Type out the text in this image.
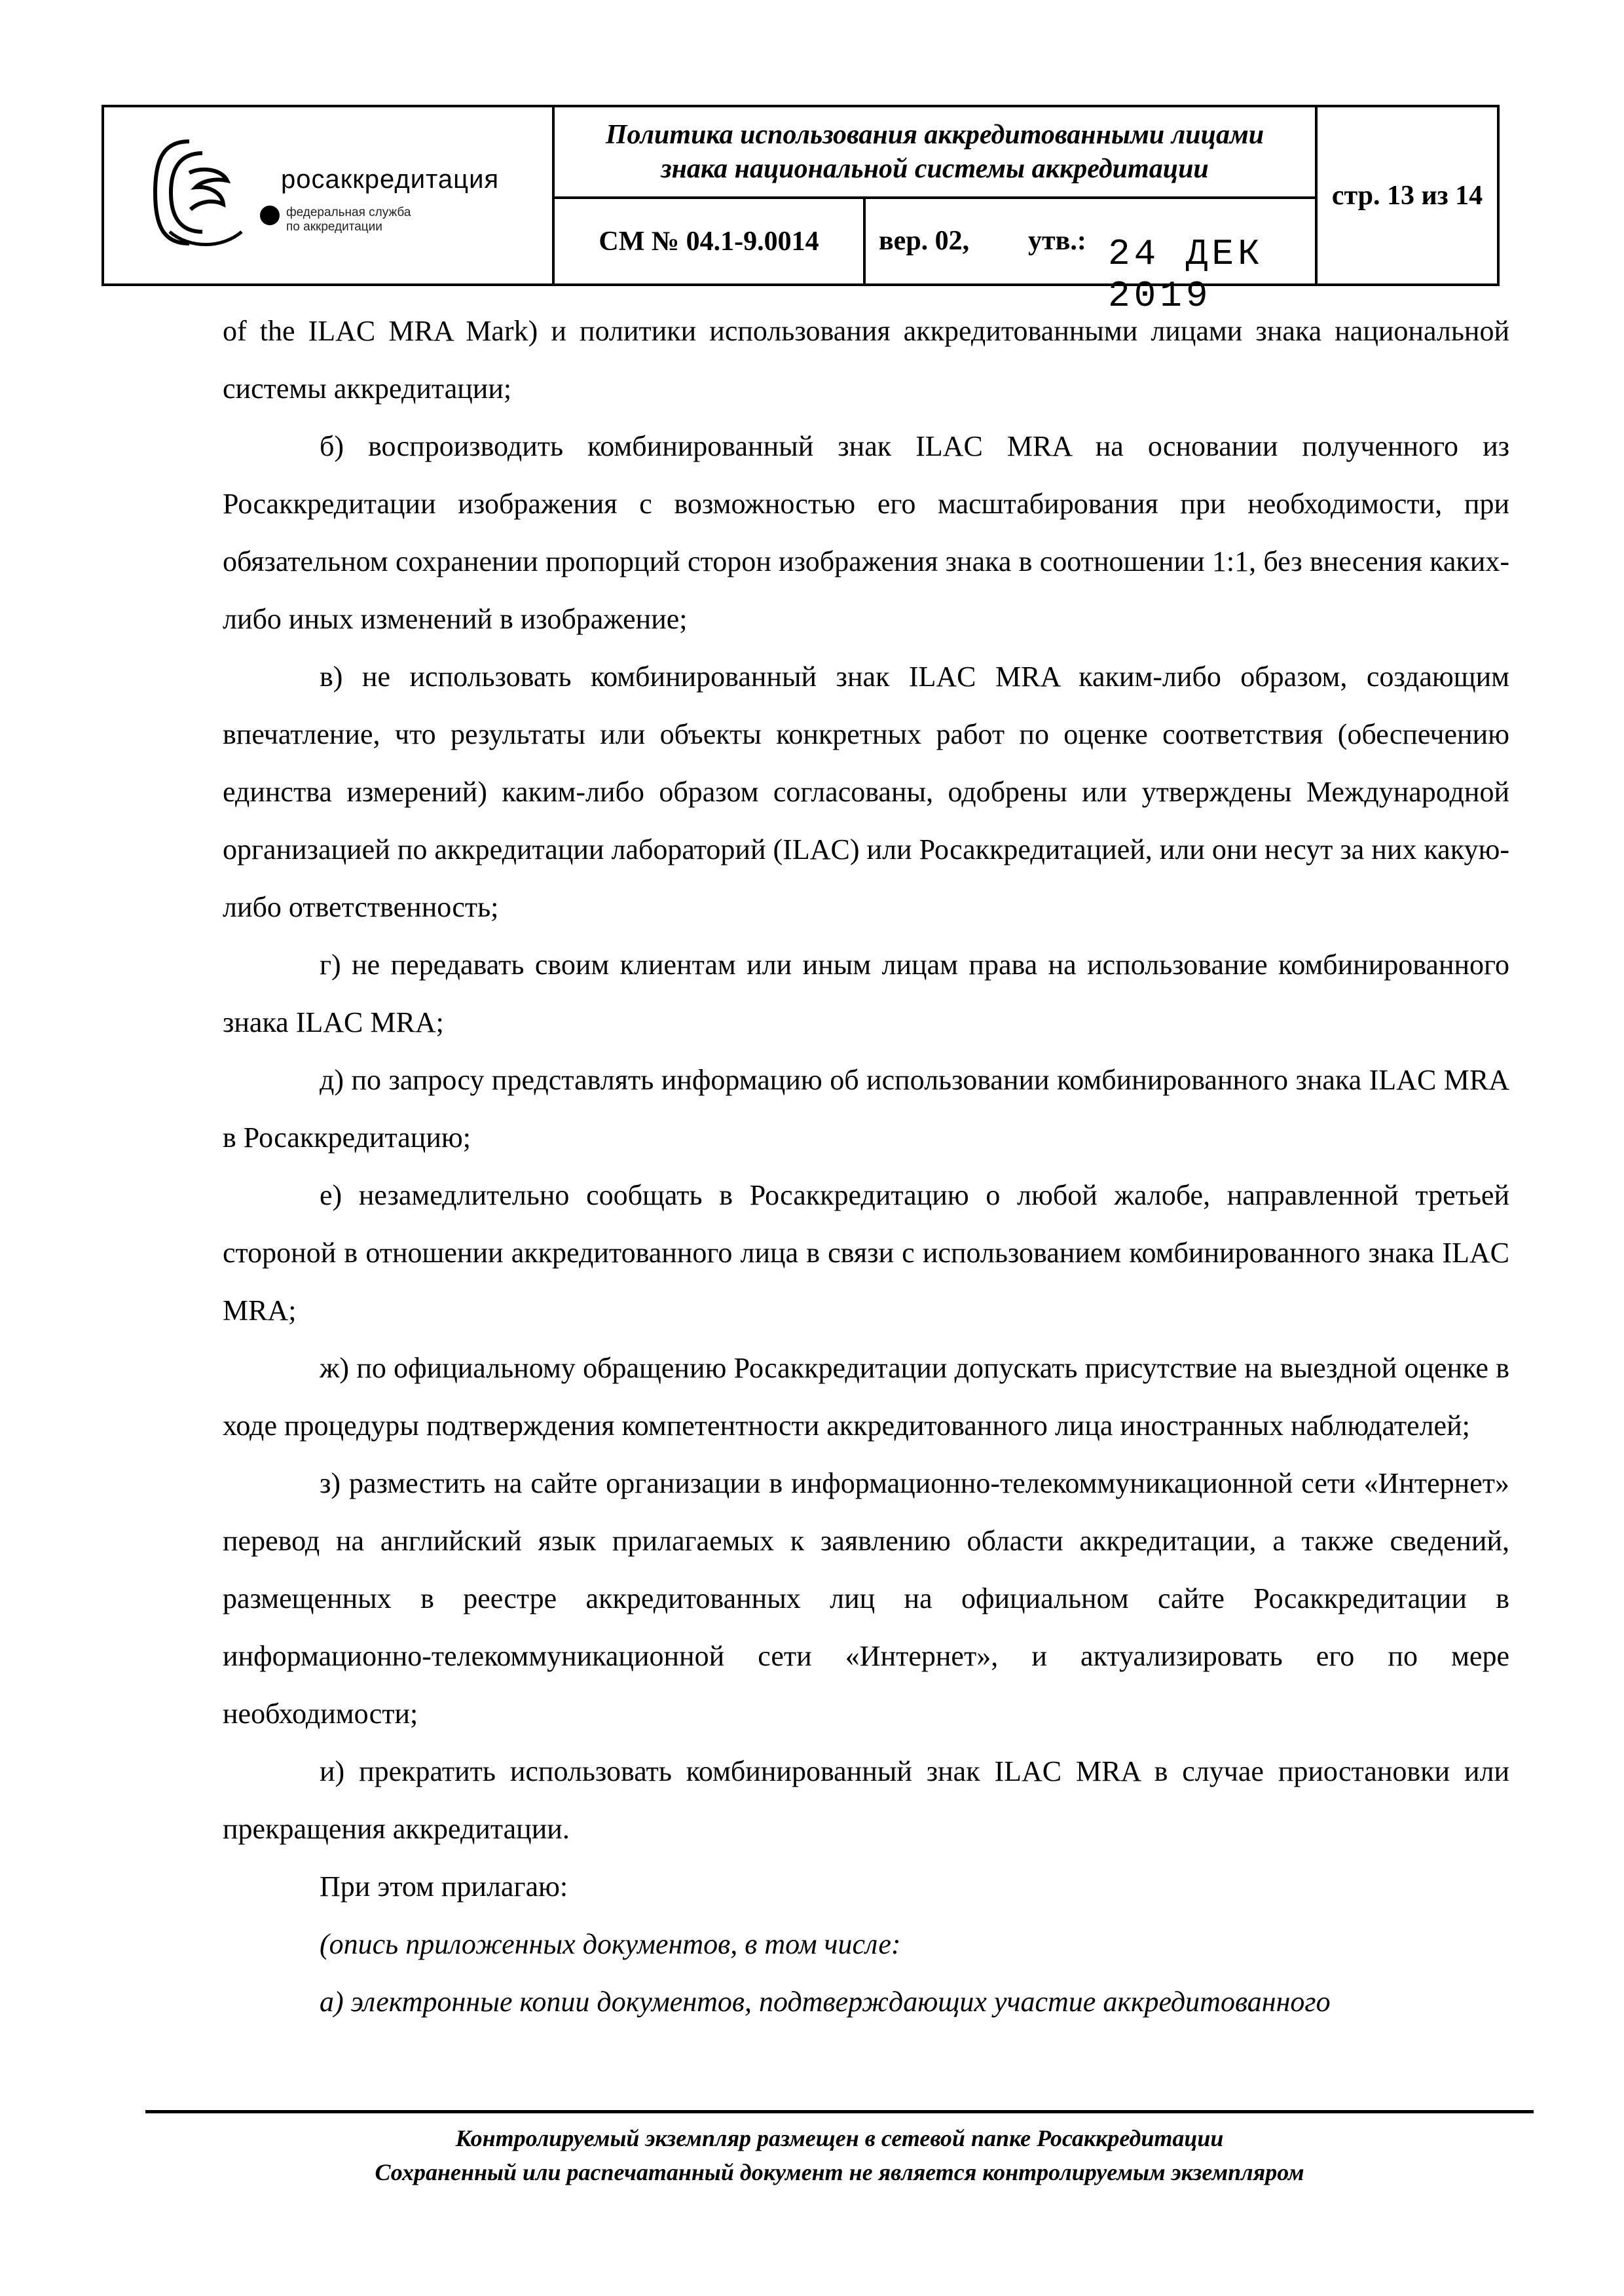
росаккредитация
федеральная служба
по аккредитации
Политика использования аккредитованными лицами
знака национальной системы аккредитации
СМ № 04.1-9.0014	вер. 02, утв.: 24 ДЕК 2019
стр. 13 из 14

of the ILAC MRA Mark) и политики использования аккредитованными лицами знака национальной системы аккредитации;

б) воспроизводить комбинированный знак ILAC MRA на основании полученного из Росаккредитации изображения с возможностью его масштабирования при необходимости, при обязательном сохранении пропорций сторон изображения знака в соотношении 1:1, без внесения каких-либо иных изменений в изображение;

в) не использовать комбинированный знак ILAC MRA каким-либо образом, создающим впечатление, что результаты или объекты конкретных работ по оценке соответствия (обеспечению единства измерений) каким-либо образом согласованы, одобрены или утверждены Международной организацией по аккредитации лабораторий (ILAC) или Росаккредитацией, или они несут за них какую-либо ответственность;

г) не передавать своим клиентам или иным лицам права на использование комбинированного знака ILAC MRA;

д) по запросу представлять информацию об использовании комбинированного знака ILAC MRA в Росаккредитацию;

е) незамедлительно сообщать в Росаккредитацию о любой жалобе, направленной третьей стороной в отношении аккредитованного лица в связи с использованием комбинированного знака ILAC MRA;

ж) по официальному обращению Росаккредитации допускать присутствие на выездной оценке в ходе процедуры подтверждения компетентности аккредитованного лица иностранных наблюдателей;

з) разместить на сайте организации в информационно-телекоммуникационной сети «Интернет» перевод на английский язык прилагаемых к заявлению области аккредитации, а также сведений, размещенных в реестре аккредитованных лиц на официальном сайте Росаккредитации в информационно-телекоммуникационной сети «Интернет», и актуализировать его по мере необходимости;

и) прекратить использовать комбинированный знак ILAC MRA в случае приостановки или прекращения аккредитации.

При этом прилагаю:

(опись приложенных документов, в том числе:

а) электронные копии документов, подтверждающих участие аккредитованного

Контролируемый экземпляр размещен в сетевой папке Росаккредитации
Сохраненный или распечатанный документ не является контролируемым экземпляром
